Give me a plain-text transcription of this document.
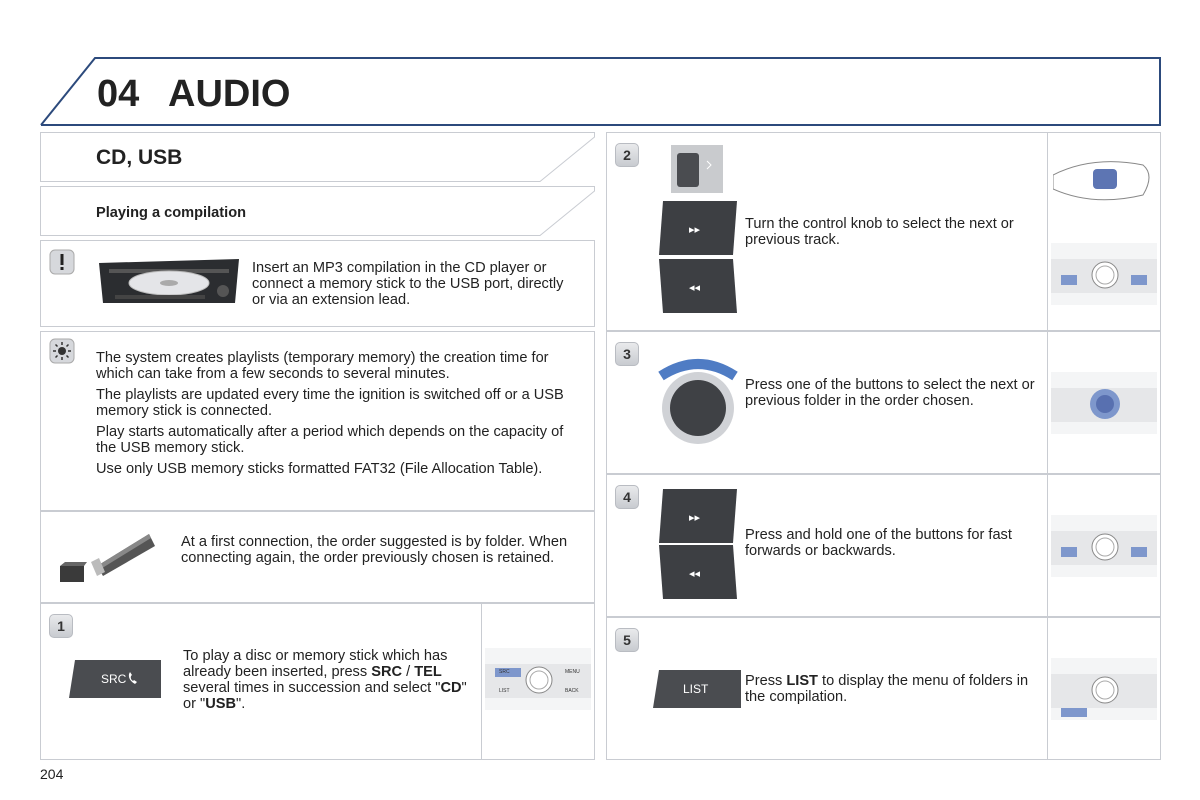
04 AUDIO
CD, USB
Playing a compilation
Insert an MP3 compilation in the CD player or connect a memory stick to the USB port, directly or via an extension lead.

The system creates playlists (temporary memory) the creation time for which can take from a few seconds to several minutes.

The playlists are updated every time the ignition is switched off or a USB memory stick is connected.

Play starts automatically after a period which depends on the capacity of the USB memory stick.

Use only USB memory sticks formatted FAT32 (File Allocation Table).

At a first connection, the order suggested is by folder. When connecting again, the order previously chosen is retained.
1
SRC
To play a disc or memory stick which has already been inserted, press SRC / TEL several times in succession and select "CD" or "USB".
SRC	MENU
LIST	BACK
2
▸▸
◂◂
Turn the control knob to select the next or previous track.
3
Press one of the buttons to select the next or previous folder in the order chosen.
4
▸▸
◂◂
Press and hold one of the buttons for fast forwards or backwards.
5
LIST	Press LIST to display the menu of folders in the compilation.
204
